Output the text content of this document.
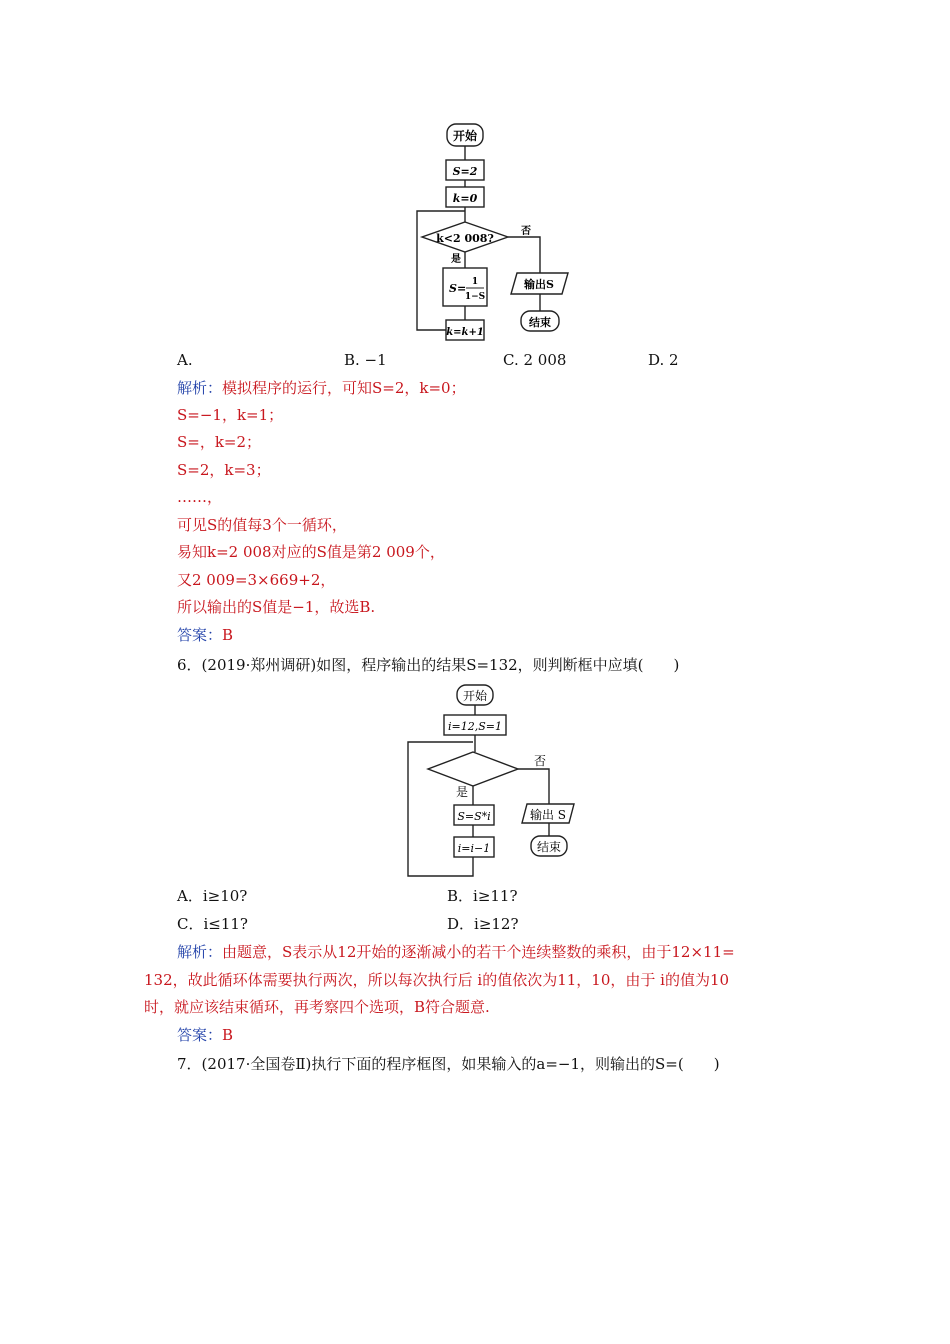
开始
S=2
k=0
k<2 008?
是
否
S= 1
1−S
k=k+1
输出S
结束
A.	B. −1	C. 2 008	D. 2
解析：模拟程序的运行，可知S=2，k=0；
S=−1，k=1；
S=，k=2；
S=2，k=3；
……，
可见S的值每3个一循环，
易知k=2 008对应的S值是第2 009个，
又2 009=3×669+2，
所以输出的S值是−1，故选B.
答案：B
6．(2019·郑州调研)如图，程序输出的结果S=132，则判断框中应填(　　)
开始
i=12,S=1
否
是
S=S*i
i=i−1
输出 S
结束
A．i≥10?	B．i≥11?
C．i≤11?	D．i≥12?
解析：由题意，S表示从12开始的逐渐减小的若干个连续整数的乘积，由于12×11=
132，故此循环体需要执行两次，所以每次执行后 i的值依次为11，10，由于 i的值为10
时，就应该结束循环，再考察四个选项，B符合题意.
答案：B
7．(2017·全国卷Ⅱ)执行下面的程序框图，如果输入的a=−1，则输出的S=(　　)
